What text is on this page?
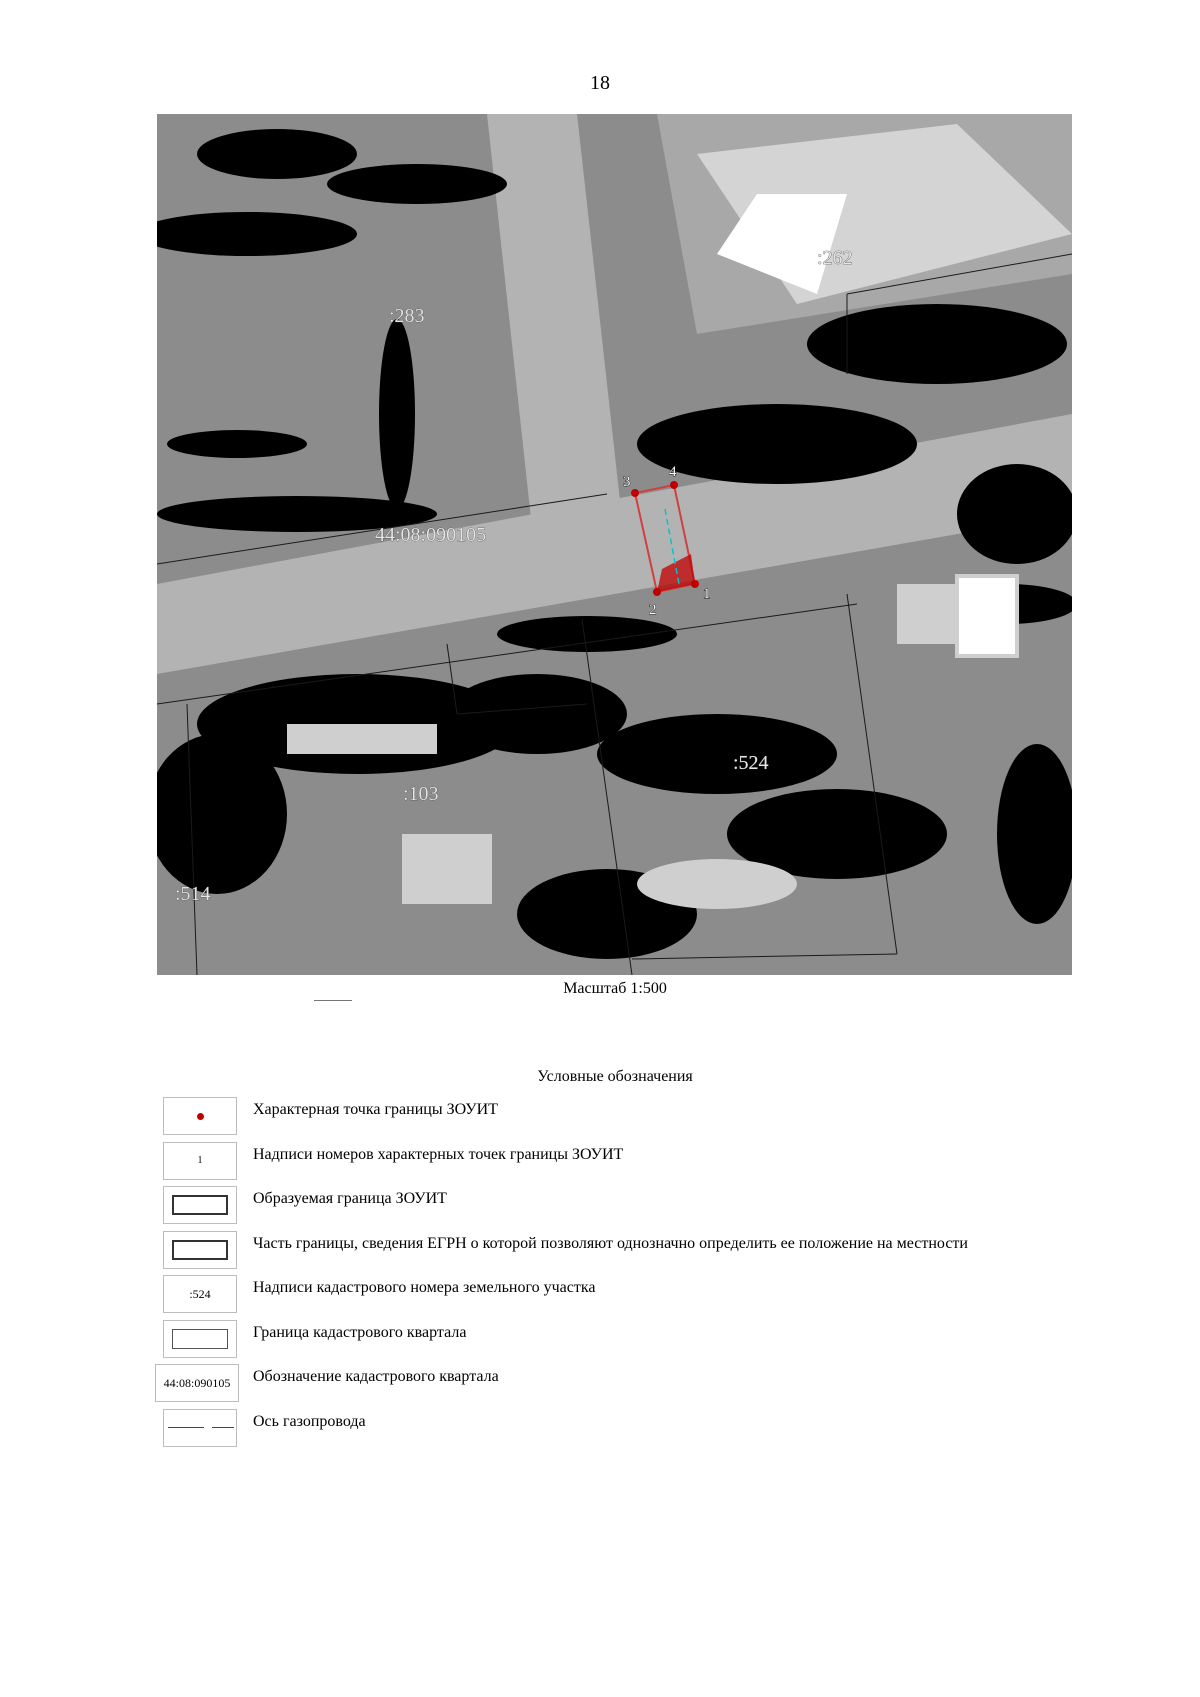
18
3
4
2
1
:283
:262
44:08:090105
:524
:103
:514
Масштаб 1:500
Условные обозначения
Характерная точка границы ЗОУИТ
1	Надписи номеров характерных точек границы ЗОУИТ
Образуемая граница ЗОУИТ
Часть границы, сведения ЕГРН о которой позволяют однозначно определить ее положение на местности
:524	Надписи кадастрового номера земельного участка
Граница кадастрового квартала
44:08:090105	Обозначение кадастрового квартала
Ось газопровода
